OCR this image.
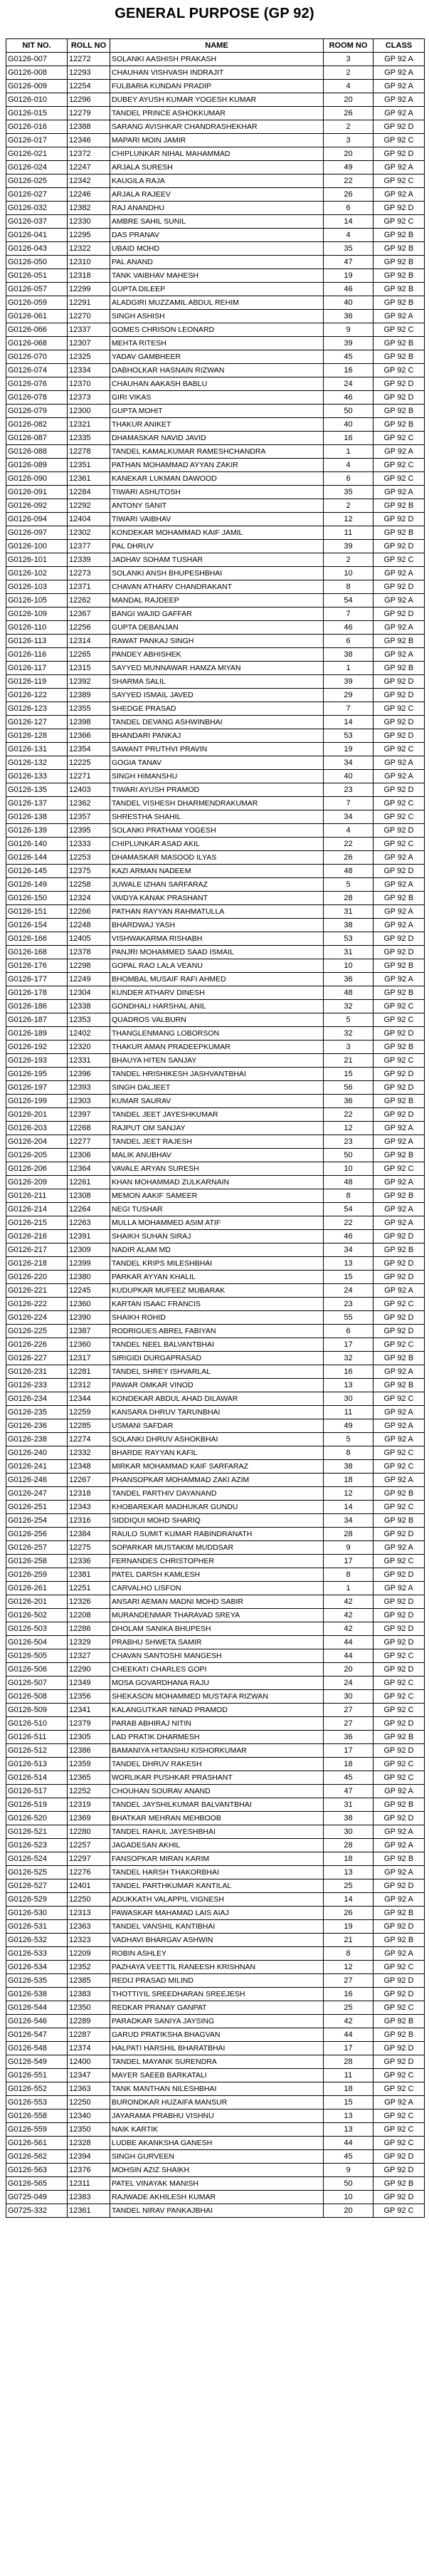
GENERAL PURPOSE (GP 92)
NIT NO.	ROLL NO	NAME	ROOM NO	CLASS
G0126-007	12272	SOLANKI AASHISH PRAKASH	3	GP 92 A
G0126-008	12293	CHAUHAN VISHVASH INDRAJIT	2	GP 92 A
G0126-009	12254	FULBARIA KUNDAN PRADIP	4	GP 92 A
G0126-010	12296	DUBEY AYUSH KUMAR YOGESH KUMAR	20	GP 92 A
G0126-015	12279	TANDEL PRINCE ASHOKKUMAR	26	GP 92 A
G0126-016	12388	SARANG AVISHKAR CHANDRASHEKHAR	2	GP 92 D
G0126-017	12346	MAPARI MOIN JAMIR	3	GP 92 C
G0126-021	12372	CHIPLUNKAR NIHAL MAHAMMAD	20	GP 92 D
G0126-024	12247	ARJALA SURESH	49	GP 92 A
G0126-025	12342	KAUGILA RAJA	22	GP 92 C
G0126-027	12246	ARJALA RAJEEV	26	GP 92 A
G0126-032	12382	RAJ ANANDHU	6	GP 92 D
G0126-037	12330	AMBRE SAHIL SUNIL	14	GP 92 C
G0126-041	12295	DAS PRANAV	4	GP 92 B
G0126-043	12322	UBAID MOHD	35	GP 92 B
G0126-050	12310	PAL ANAND	47	GP 92 B
G0126-051	12318	TANK VAIBHAV MAHESH	19	GP 92 B
G0126-057	12299	GUPTA DILEEP	46	GP 92 B
G0126-059	12291	ALADGIRI MUZZAMIL ABDUL REHIM	40	GP 92 B
G0126-061	12270	SINGH ASHISH	36	GP 92 A
G0126-066	12337	GOMES CHRISON LEONARD	9	GP 92 C
G0126-068	12307	MEHTA RITESH	39	GP 92 B
G0126-070	12325	YADAV GAMBHEER	45	GP 92 B
G0126-074	12334	DABHOLKAR HASNAIN RIZWAN	16	GP 92 C
G0126-076	12370	CHAUHAN AAKASH BABLU	24	GP 92 D
G0126-078	12373	GIRI VIKAS	46	GP 92 D
G0126-079	12300	GUPTA MOHIT	50	GP 92 B
G0126-082	12321	THAKUR ANIKET	40	GP 92 B
G0126-087	12335	DHAMASKAR NAVID JAVID	16	GP 92 C
G0126-088	12278	TANDEL KAMALKUMAR RAMESHCHANDRA	1	GP 92 A
G0126-089	12351	PATHAN MOHAMMAD AYYAN ZAKIR	4	GP 92 C
G0126-090	12361	KANEKAR LUKMAN DAWOOD	6	GP 92 C
G0126-091	12284	TIWARI ASHUTOSH	35	GP 92 A
G0126-092	12292	ANTONY SANIT	2	GP 92 B
G0126-094	12404	TIWARI VAIBHAV	12	GP 92 D
G0126-097	12302	KONDEKAR MOHAMMAD KAIF JAMIL	11	GP 92 B
G0126-100	12377	PAL DHRUV	39	GP 92 D
G0126-101	12339	JADHAV SOHAM TUSHAR	2	GP 92 C
G0126-102	12273	SOLANKI ANSH BHUPESHBHAI	10	GP 92 A
G0126-103	12371	CHAVAN ATHARV CHANDRAKANT	8	GP 92 D
G0126-105	12262	MANDAL RAJDEEP	54	GP 92 A
G0126-109	12367	BANGI WAJID GAFFAR	7	GP 92 D
G0126-110	12256	GUPTA DEBANJAN	46	GP 92 A
G0126-113	12314	RAWAT PANKAJ SINGH	6	GP 92 B
G0126-116	12265	PANDEY ABHISHEK	38	GP 92 A
G0126-117	12315	SAYYED MUNNAWAR HAMZA MIYAN	1	GP 92 B
G0126-119	12392	SHARMA SALIL	39	GP 92 D
G0126-122	12389	SAYYED ISMAIL JAVED	29	GP 92 D
G0126-123	12355	SHEDGE PRASAD	7	GP 92 C
G0126-127	12398	TANDEL DEVANG ASHWINBHAI	14	GP 92 D
G0126-128	12366	BHANDARI PANKAJ	53	GP 92 D
G0126-131	12354	SAWANT PRUTHVI PRAVIN	19	GP 92 C
G0126-132	12225	GOGIA TANAV	34	GP 92 A
G0126-133	12271	SINGH HIMANSHU	40	GP 92 A
G0126-135	12403	TIWARI AYUSH PRAMOD	23	GP 92 D
G0126-137	12362	TANDEL VISHESH DHARMENDRAKUMAR	7	GP 92 C
G0126-138	12357	SHRESTHA SHAHIL	34	GP 92 C
G0126-139	12395	SOLANKI PRATHAM YOGESH	4	GP 92 D
G0126-140	12333	CHIPLUNKAR ASAD AKIL	22	GP 92 C
G0126-144	12253	DHAMASKAR MASOOD ILYAS	26	GP 92 A
G0126-145	12375	KAZI ARMAN NADEEM	48	GP 92 D
G0126-149	12258	JUWALE IZHAN SARFARAZ	5	GP 92 A
G0126-150	12324	VAIDYA KANAK PRASHANT	28	GP 92 B
G0126-151	12266	PATHAN RAYYAN RAHMATULLA	31	GP 92 A
G0126-154	12248	BHARDWAJ YASH	38	GP 92 A
G0126-166	12405	VISHWAKARMA RISHABH	53	GP 92 D
G0126-168	12378	PANJRI MOHAMMED SAAD ISMAIL	31	GP 92 D
G0126-176	12298	GOPAL RAO LALA VEANU	10	GP 92 B
G0126-177	12249	BHOMBAL MUSAIF RAFI AHMED	36	GP 92 A
G0126-178	12304	KUNDER ATHARV DINESH	48	GP 92 B
G0126-186	12338	GONDHALI HARSHAL ANIL	32	GP 92 C
G0126-187	12353	QUADROS VALBURN	5	GP 92 C
G0126-189	12402	THANGLENMANG LOBORSON	32	GP 92 D
G0126-192	12320	THAKUR AMAN PRADEEPKUMAR	3	GP 92 B
G0126-193	12331	BHAUYA HITEN SANJAY	21	GP 92 C
G0126-195	12396	TANDEL HRISHIKESH JASHVANTBHAI	15	GP 92 D
G0126-197	12393	SINGH DALJEET	56	GP 92 D
G0126-199	12303	KUMAR SAURAV	36	GP 92 B
G0126-201	12397	TANDEL JEET JAYESHKUMAR	22	GP 92 D
G0126-203	12268	RAJPUT OM SANJAY	12	GP 92 A
G0126-204	12277	TANDEL JEET RAJESH	23	GP 92 A
G0126-205	12306	MALIK ANUBHAV	50	GP 92 B
G0126-206	12364	VAVALE ARYAN SURESH	10	GP 92 C
G0126-209	12261	KHAN MOHAMMAD ZULKARNAIN	48	GP 92 A
G0126-211	12308	MEMON AAKIF SAMEER	8	GP 92 B
G0126-214	12264	NEGI TUSHAR	54	GP 92 A
G0126-215	12263	MULLA MOHAMMED ASIM ATIF	22	GP 92 A
G0126-216	12391	SHAIKH SUHAN SIRAJ	46	GP 92 D
G0126-217	12309	NADIR ALAM MD	34	GP 92 B
G0126-218	12399	TANDEL KRIPS MILESHBHAI	13	GP 92 D
G0126-220	12380	PARKAR AYYAN KHALIL	15	GP 92 D
G0126-221	12245	KUDUPKAR MUFEEZ MUBARAK	24	GP 92 A
G0126-222	12360	KARTAN ISAAC FRANCIS	23	GP 92 C
G0126-224	12390	SHAIKH ROHID	55	GP 92 D
G0126-225	12387	RODRIGUES ABREL FABIYAN	6	GP 92 D
G0126-226	12360	TANDEL NEEL BALVANTBHAI	17	GP 92 C
G0126-227	12317	SIRIGIDI DURGAPRASAD	32	GP 92 B
G0126-231	12281	TANDEL SHREY ISHVARLAL	16	GP 92 A
G0126-233	12312	PAWAR OMKAR VINOD	13	GP 92 B
G0126-234	12344	KONDEKAR ABDUL AHAD DILAWAR	30	GP 92 C
G0126-235	12259	KANSARA DHRUV TARUNBHAI	11	GP 92 A
G0126-236	12285	USMANI SAFDAR	49	GP 92 A
G0126-238	12274	SOLANKI DHRUV ASHOKBHAI	5	GP 92 A
G0126-240	12332	BHARDE RAYYAN KAFIL	8	GP 92 C
G0126-241	12348	MIRKAR MOHAMMAD KAIF SARFARAZ	38	GP 92 C
G0126-246	12267	PHANSOPKAR MOHAMMAD ZAKI AZIM	18	GP 92 A
G0126-247	12318	TANDEL PARTHIV DAYANAND	12	GP 92 B
G0126-251	12343	KHOBAREKAR MADHUKAR GUNDU	14	GP 92 C
G0126-254	12316	SIDDIQUI MOHD SHARIQ	34	GP 92 B
G0126-256	12384	RAULO SUMIT KUMAR RABINDRANATH	28	GP 92 D
G0126-257	12275	SOPARKAR MUSTAKIM MUDDSAR	9	GP 92 A
G0126-258	12336	FERNANDES CHRISTOPHER	17	GP 92 C
G0126-259	12381	PATEL DARSH KAMLESH	8	GP 92 D
G0126-261	12251	CARVALHO LISFON	1	GP 92 A
G0126-201	12326	ANSARI AEMAN MADNI MOHD SABIR	42	GP 92 D
G0126-502	12208	MURANDENMAR THARAVAD SREYA	42	GP 92 D
G0126-503	12286	DHOLAM SANIKA BHUPESH	42	GP 92 D
G0126-504	12329	PRABHU SHWETA SAMIR	44	GP 92 D
G0126-505	12327	CHAVAN SANTOSHI MANGESH	44	GP 92 C
G0126-506	12290	CHEEKATI CHARLES GOPI	20	GP 92 D
G0126-507	12349	MOSA GOVARDHANA RAJU	24	GP 92 C
G0126-508	12356	SHEKASON MOHAMMED MUSTAFA RIZWAN	30	GP 92 C
G0126-509	12341	KALANGUTKAR NINAD PRAMOD	27	GP 92 C
G0126-510	12379	PARAB ABHIRAJ NITIN	27	GP 92 D
G0126-511	12305	LAD PRATIK DHARMESH	36	GP 92 B
G0126-512	12386	BAMANIYA HITANSHU KISHORKUMAR	17	GP 92 D
G0126-513	12359	TANDEL DHRUV RAKESH	18	GP 92 C
G0126-514	12365	WORLIKAR PUSHKAR PRASHANT	45	GP 92 C
G0126-517	12252	CHOUHAN SOURAV ANAND	47	GP 92 A
G0126-519	12319	TANDEL JAYSHILKUMAR BALVANTBHAI	31	GP 92 B
G0126-520	12369	BHATKAR MEHRAN MEHBOOB	38	GP 92 D
G0126-521	12280	TANDEL RAHUL JAYESHBHAI	30	GP 92 A
G0126-523	12257	JAGADESAN AKHIL	28	GP 92 A
G0126-524	12297	FANSOPKAR MIRAN KARIM	18	GP 92 B
G0126-525	12276	TANDEL HARSH THAKORBHAI	13	GP 92 A
G0126-527	12401	TANDEL PARTHKUMAR KANTILAL	25	GP 92 D
G0126-529	12250	ADUKKATH VALAPPIL VIGNESH	14	GP 92 A
G0126-530	12313	PAWASKAR MAHAMAD LAIS AIAJ	26	GP 92 B
G0126-531	12363	TANDEL VANSHIL KANTIBHAI	19	GP 92 D
G0126-532	12323	VADHAVI BHARGAV ASHWIN	21	GP 92 B
G0126-533	12209	ROBIN ASHLEY	8	GP 92 A
G0126-534	12352	PAZHAYA VEETTIL RANEESH KRISHNAN	12	GP 92 C
G0126-535	12385	REDIJ PRASAD MILIND	27	GP 92 D
G0126-538	12383	THOTTIYIL SREEDHARAN SREEJESH	16	GP 92 D
G0126-544	12350	REDKAR PRANAY GANPAT	25	GP 92 C
G0126-546	12289	PARADKAR SANIYA JAYSING	42	GP 92 B
G0126-547	12287	GARUD PRATIKSHA BHAGVAN	44	GP 92 B
G0126-548	12374	HALPATI HARSHIL BHARATBHAI	17	GP 92 D
G0126-549	12400	TANDEL MAYANK SURENDRA	28	GP 92 D
G0126-551	12347	MAYER SAEEB BARKATALI	11	GP 92 C
G0126-552	12363	TANK MANTHAN NILESHBHAI	18	GP 92 C
G0126-553	12250	BURONDKAR HUZAIFA MANSUR	15	GP 92 A
G0126-558	12340	JAYARAMA PRABHU VISHNU	13	GP 92 C
G0126-559	12350	NAIK KARTIK	13	GP 92 C
G0126-561	12328	LUDBE AKANKSHA GANESH	44	GP 92 C
G0126-562	12394	SINGH GURVEEN	45	GP 92 D
G0126-563	12376	MOHSIN AZIZ SHAIKH	9	GP 92 D
G0126-565	12311	PATEL VINAYAK MANISH	50	GP 92 B
G0725-049	12383	RAJWADE AKHILESH KUMAR	10	GP 92 D
G0725-332	12361	TANDEL NIRAV PANKAJBHAI	20	GP 92 C
